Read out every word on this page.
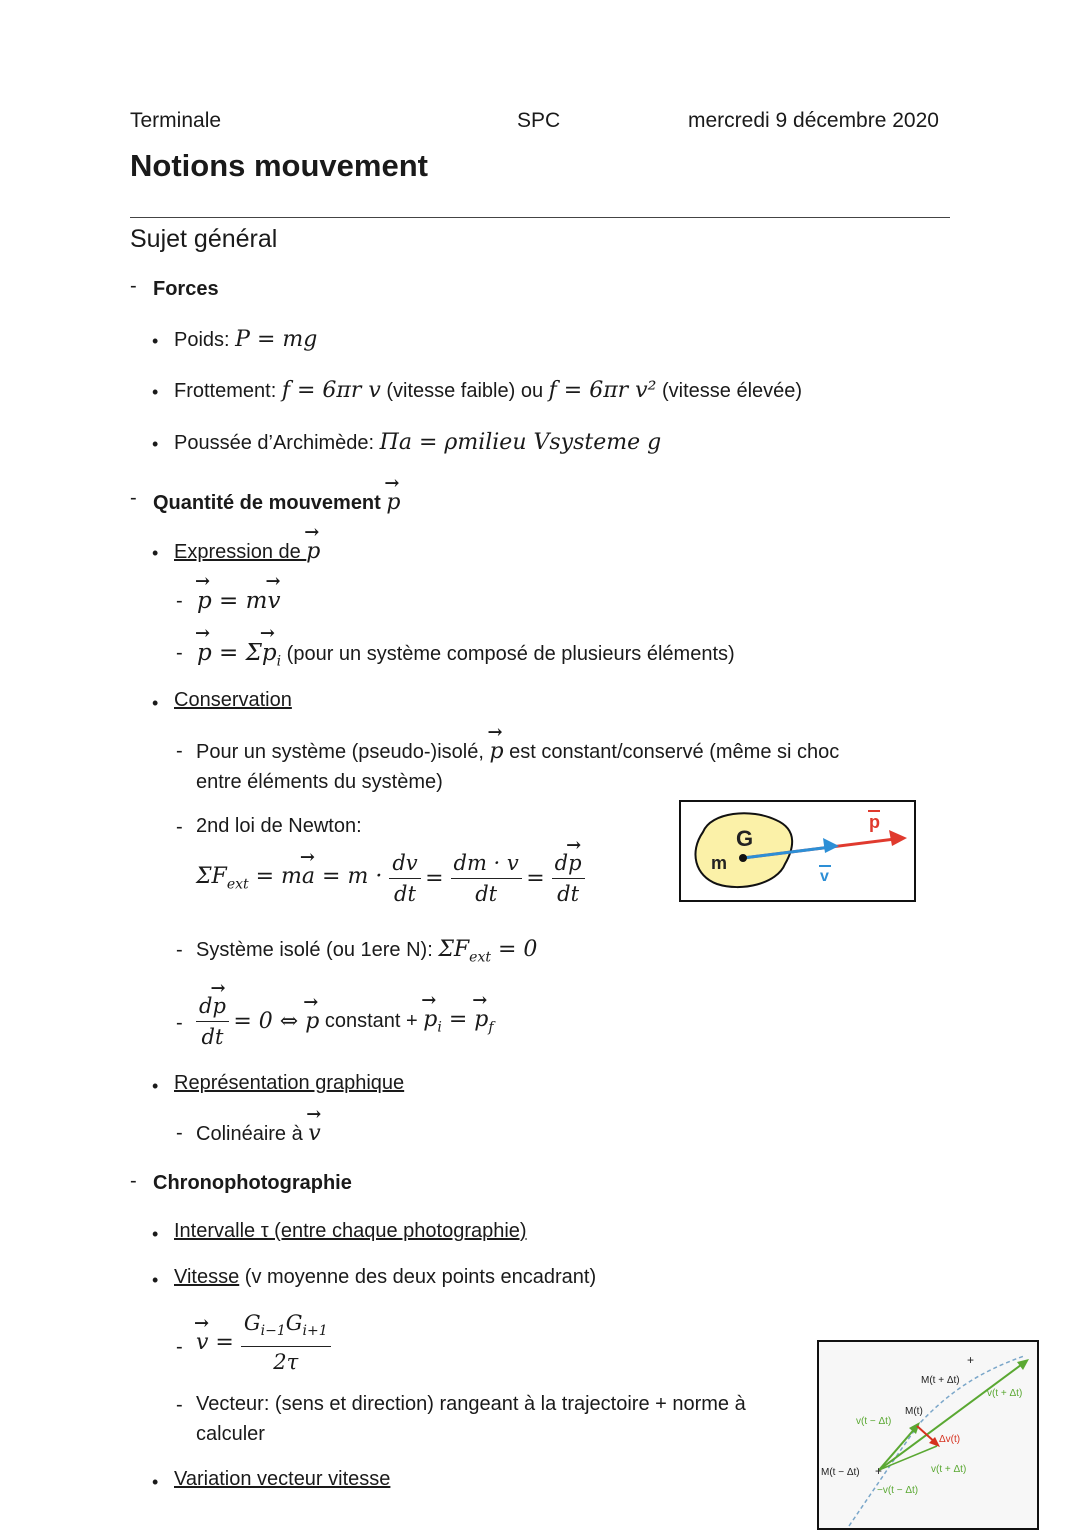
Terminale	SPC	mercredi 9 décembre 2020
Notions mouvement
Sujet général
- Forces
• Poids: P = mg
• Frottement: f = 6πr v (vitesse faible) ou f = 6πr v² (vitesse élevée)
• Poussée d’Archimède: Πa = ρmilieu Vsysteme g
- Quantité de mouvement → p
• Expression de → p
- → p = m→ v
- → $p = \Sigma\to p_i$ (pour un système composé de plusieurs éléments)
• Conservation
- Pour un système (pseudo-)isolé, → p est constant/conservé (même si choc
entre éléments du système)
- 2nd loi de Newton:
$\Sigma F_{ext} = m\to a = m \cdot \frac{dv}{dt} = \frac{dm \cdot v}{dt} = \frac{d\to p}{dt}$
- Système isolé (ou 1ere N): $\Sigma F_{ext} = 0$
- $\frac{d\to p}{dt} = 0$ ⇔ → p constant + → $p_i$ = → $p_f$
• Représentation graphique
- Colinéaire à → v
G
m
p
v
- Chronophotographie
• Intervalle τ (entre chaque photographie)
• Vitesse (v moyenne des deux points encadrant)
- → $v = \frac{G_{i-1}G_{i+1}}{2\tau}$
- Vecteur: (sens et direction) rangeant à la trajectoire + norme à
calculer
• Variation vecteur vitesse
M(t + Δt)
v(t + Δt)
M(t)
v(t − Δt)
Δv(t)
M(t − Δt)	v(t + Δt)
−v(t − Δt)
+
+
